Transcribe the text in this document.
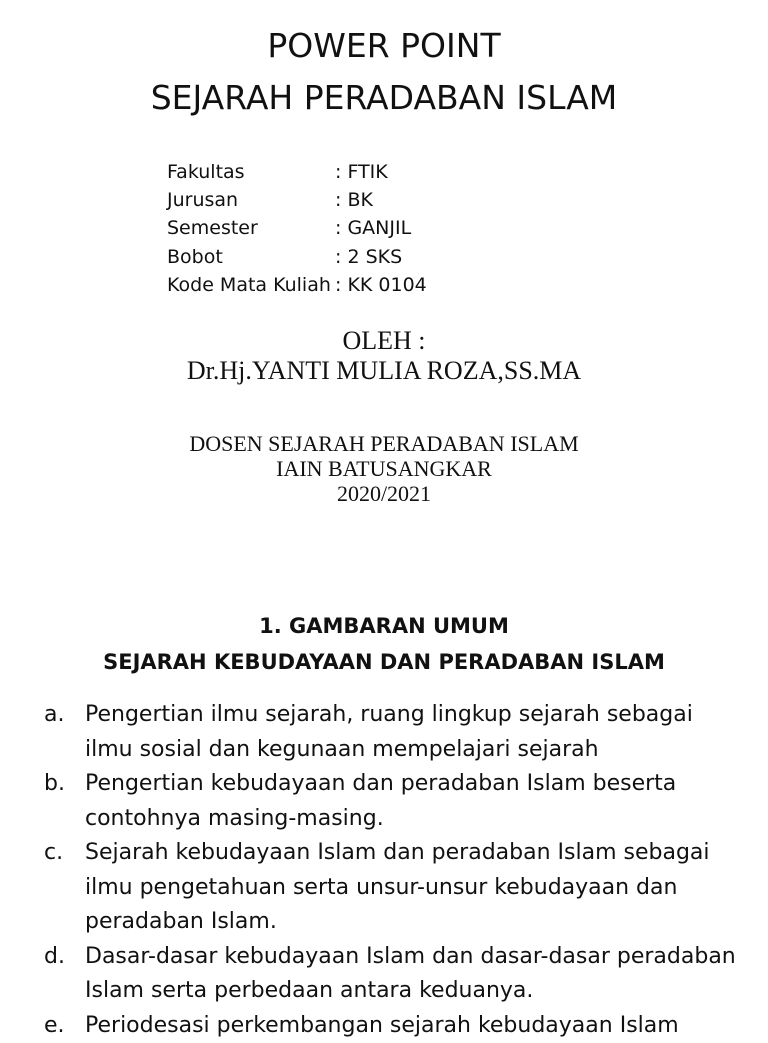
POWER POINT
SEJARAH PERADABAN ISLAM
Fakultas	: FTIK
Jurusan	: BK
Semester	: GANJIL
Bobot	: 2 SKS
Kode Mata Kuliah : KK 0104
OLEH :
Dr.Hj.YANTI MULIA ROZA,SS.MA
DOSEN SEJARAH PERADABAN ISLAM
IAIN BATUSANGKAR
2020/2021
1. GAMBARAN UMUM
SEJARAH KEBUDAYAAN DAN PERADABAN ISLAM
a. Pengertian ilmu sejarah, ruang lingkup sejarah sebagai ilmu sosial dan kegunaan mempelajari sejarah
b. Pengertian kebudayaan dan peradaban Islam beserta contohnya masing-masing.
c. Sejarah kebudayaan Islam dan peradaban Islam sebagai ilmu pengetahuan serta unsur-unsur kebudayaan dan peradaban Islam.
d. Dasar-dasar kebudayaan Islam dan dasar-dasar peradaban Islam serta perbedaan antara keduanya.
e. Periodesasi perkembangan sejarah kebudayaan Islam
